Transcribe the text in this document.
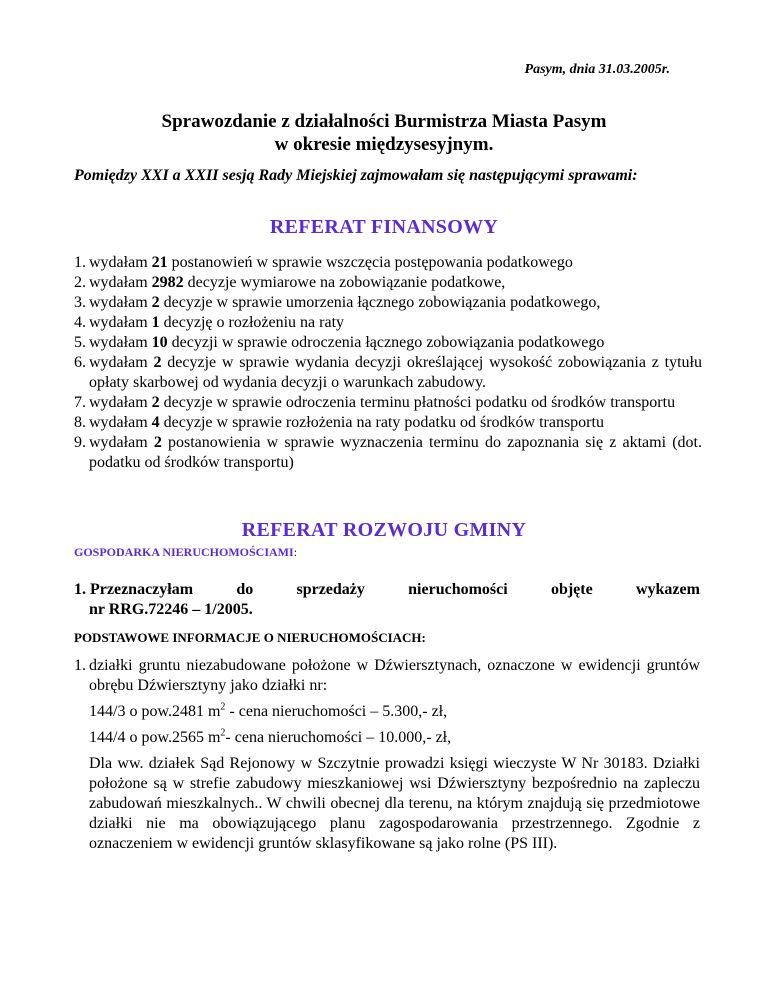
Pasym, dnia 31.03.2005r.
Sprawozdanie z działalności Burmistrza Miasta Pasym
w okresie międzysesyjnym.
Pomiędzy XXI a XXII sesją Rady Miejskiej zajmowałam się następującymi sprawami:
REFERAT FINANSOWY
1. wydałam 21 postanowień w sprawie wszczęcia postępowania podatkowego
2. wydałam 2982 decyzje wymiarowe na zobowiązanie podatkowe,
3. wydałam 2 decyzje w sprawie umorzenia łącznego zobowiązania podatkowego,
4. wydałam 1 decyzję o rozłożeniu na raty
5. wydałam 10 decyzji w sprawie odroczenia łącznego zobowiązania podatkowego
6. wydałam 2 decyzje w sprawie wydania decyzji określającej wysokość zobowiązania z tytułu opłaty skarbowej od wydania decyzji o warunkach zabudowy.
7. wydałam 2 decyzje w sprawie odroczenia terminu płatności podatku od środków transportu
8. wydałam 4 decyzje w sprawie rozłożenia na raty podatku od środków transportu
9. wydałam 2 postanowienia w sprawie wyznaczenia terminu do zapoznania się z aktami (dot. podatku od środków transportu)
REFERAT ROZWOJU GMINY
GOSPODARKA NIERUCHOMOŚCIAMI:
1. Przeznaczyłam	do	sprzedaży	nieruchomości	objęte	wykazem
nr RRG.72246 – 1/2005.
PODSTAWOWE INFORMACJE O NIERUCHOMOŚCIACH:
1. działki gruntu niezabudowane położone w Dźwiersztynach, oznaczone w ewidencji gruntów obrębu Dźwiersztyny jako działki nr:
144/3 o pow.2481 $m^2$ - cena nieruchomości – 5.300,- zł,
144/4 o pow.2565 $m^2-$ cena nieruchomości – 10.000,- zł,
Dla ww. działek Sąd Rejonowy w Szczytnie prowadzi księgi wieczyste W Nr 30183. Działki położone są w strefie zabudowy mieszkaniowej wsi Dźwiersztyny bezpośrednio na zapleczu zabudowań mieszkalnych.. W chwili obecnej dla terenu, na którym znajdują się przedmiotowe działki nie ma obowiązującego planu zagospodarowania przestrzennego. Zgodnie z oznaczeniem w ewidencji gruntów sklasyfikowane są jako rolne (PS III).
